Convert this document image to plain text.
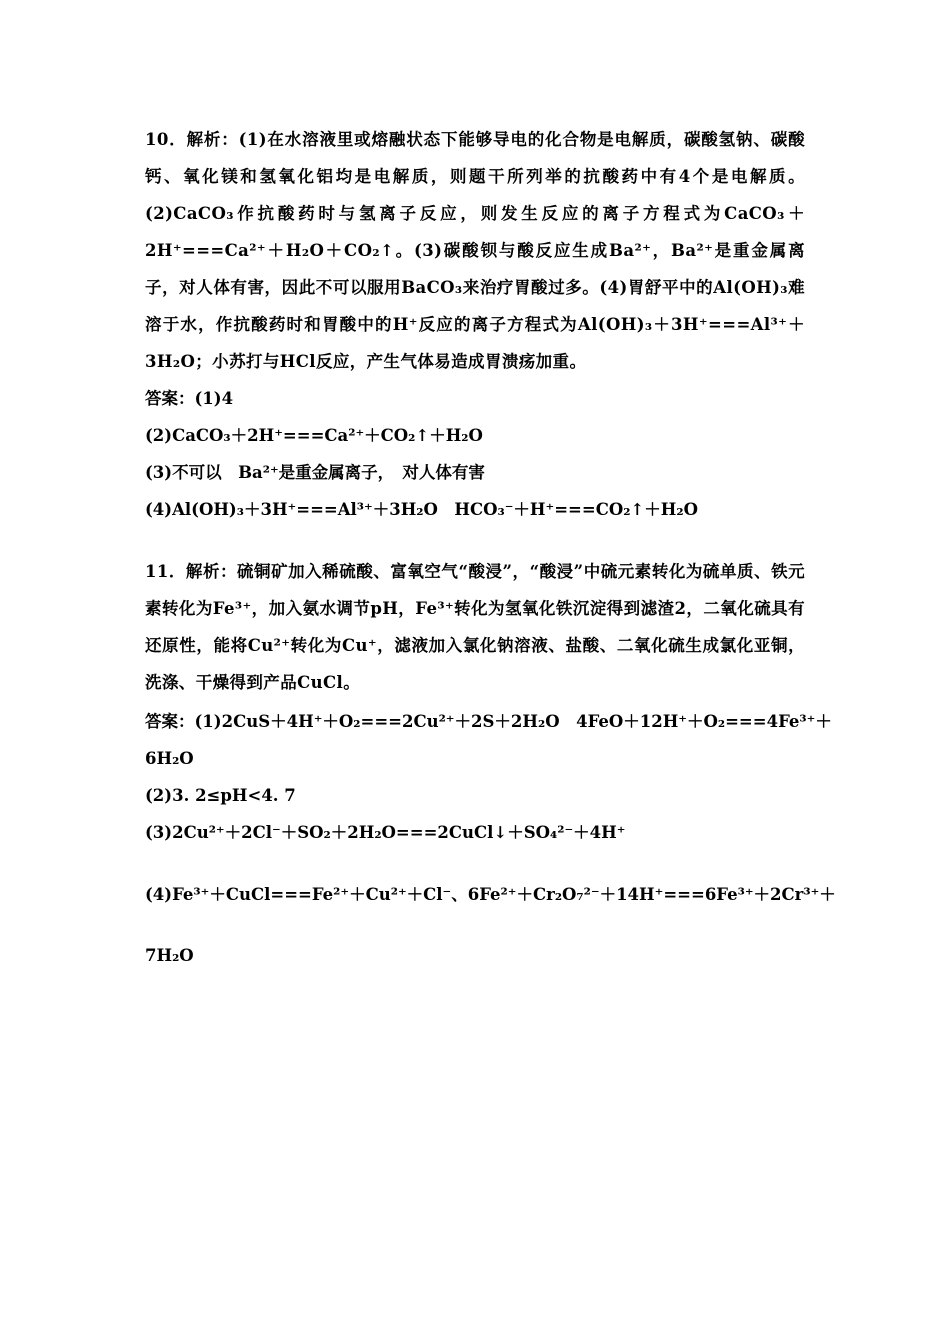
10．解析：(1)在水溶液里或熔融状态下能够导电的化合物是电解质，碳酸氢钠、碳酸钙、氧化镁和氢氧化铝均是电解质，则题干所列举的抗酸药中有4个是电解质。(2)CaCO₃作抗酸药时与氢离子反应，则发生反应的离子方程式为CaCO₃＋2H⁺===Ca²⁺＋H₂O＋CO₂↑。(3)碳酸钡与酸反应生成Ba²⁺，Ba²⁺是重金属离子，对人体有害，因此不可以服用BaCO₃来治疗胃酸过多。(4)胃舒平中的Al(OH)₃难溶于水，作抗酸药时和胃酸中的H⁺反应的离子方程式为Al(OH)₃＋3H⁺===Al³⁺＋3H₂O；小苏打与HCl反应，产生气体易造成胃溃疡加重。
答案：(1)4
(2)CaCO₃＋2H⁺===Ca²⁺＋CO₂↑＋H₂O
(3)不可以　Ba²⁺是重金属离子，　对人体有害
(4)Al(OH)₃＋3H⁺===Al³⁺＋3H₂O　HCO₃⁻＋H⁺===CO₂↑＋H₂O
11．解析：硫铜矿加入稀硫酸、富氧空气“酸浸”，“酸浸”中硫元素转化为硫单质、铁元素转化为Fe³⁺，加入氨水调节pH，Fe³⁺转化为氢氧化铁沉淀得到滤渣2，二氧化硫具有还原性，能将Cu²⁺转化为Cu⁺，滤液加入氯化钠溶液、盐酸、二氧化硫生成氯化亚铜，洗涤、干燥得到产品CuCl。
答案：(1)2CuS＋4H⁺＋O₂===2Cu²⁺＋2S＋2H₂O　4FeO＋12H⁺＋O₂===4Fe³⁺＋
6H₂O
(2)3. 2≤pH<4. 7
(3)2Cu²⁺＋2Cl⁻＋SO₂＋2H₂O===2CuCl↓＋SO₄²⁻＋4H⁺
(4)Fe³⁺＋CuCl===Fe²⁺＋Cu²⁺＋Cl⁻、6Fe²⁺＋Cr₂O₇²⁻＋14H⁺===6Fe³⁺＋2Cr³⁺＋
7H₂O
